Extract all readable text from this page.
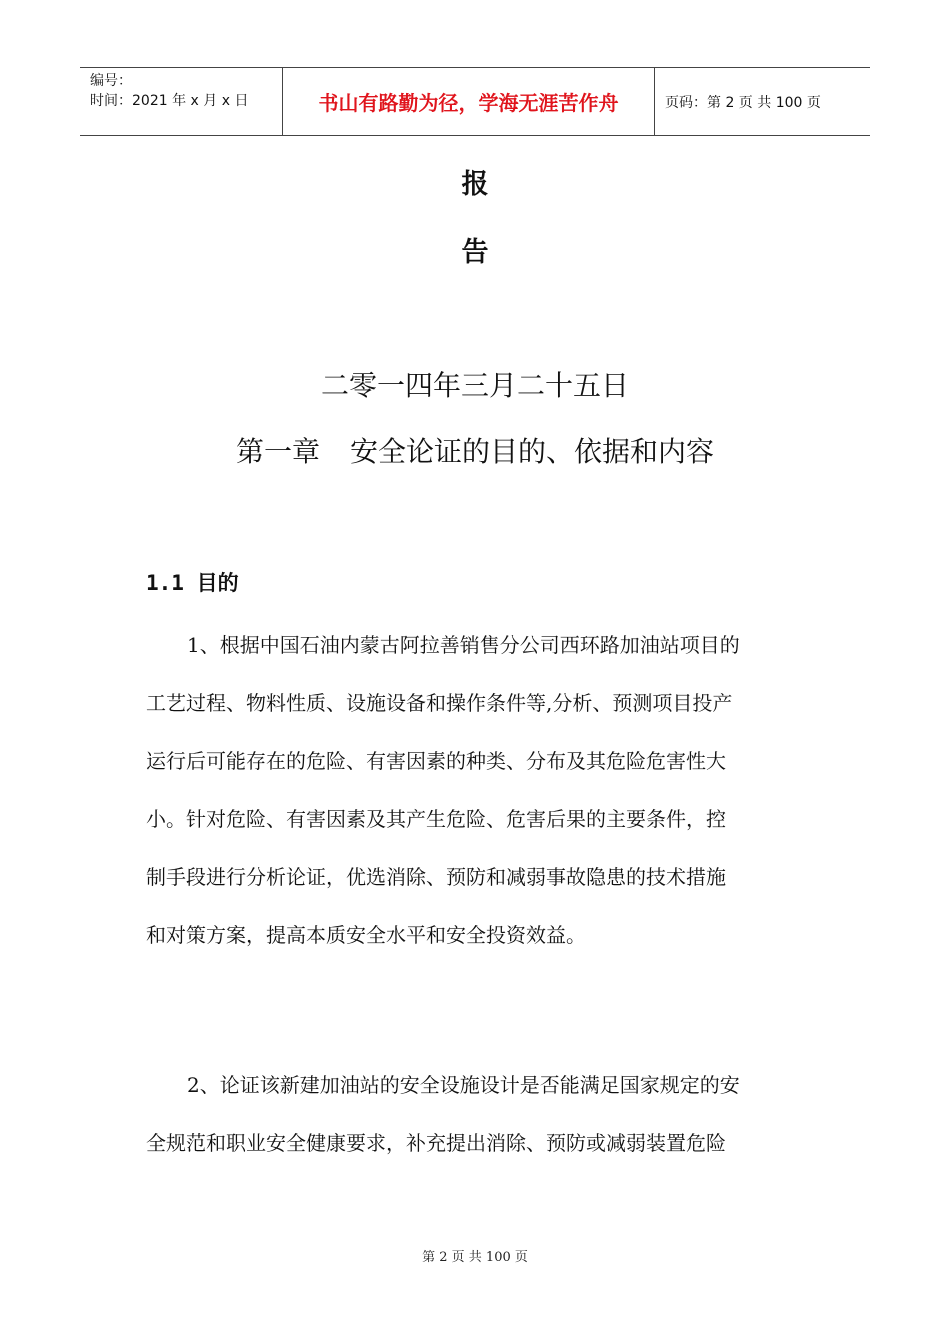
编号：
时间：2021 年 x 月 x 日	书山有路勤为径，学海无涯苦作舟	页码：第 2 页 共 100 页
报
告
二零一四年三月二十五日
第一章 安全论证的目的、依据和内容
1.1 目的
1、根据中国石油内蒙古阿拉善销售分公司西环路加油站项目的
工艺过程、物料性质、设施设备和操作条件等,分析、预测项目投产
运行后可能存在的危险、有害因素的种类、分布及其危险危害性大
小。针对危险、有害因素及其产生危险、危害后果的主要条件，控
制手段进行分析论证，优选消除、预防和减弱事故隐患的技术措施
和对策方案，提高本质安全水平和安全投资效益。
2、论证该新建加油站的安全设施设计是否能满足国家规定的安
全规范和职业安全健康要求，补充提出消除、预防或减弱装置危险
第 2 页 共 100 页
